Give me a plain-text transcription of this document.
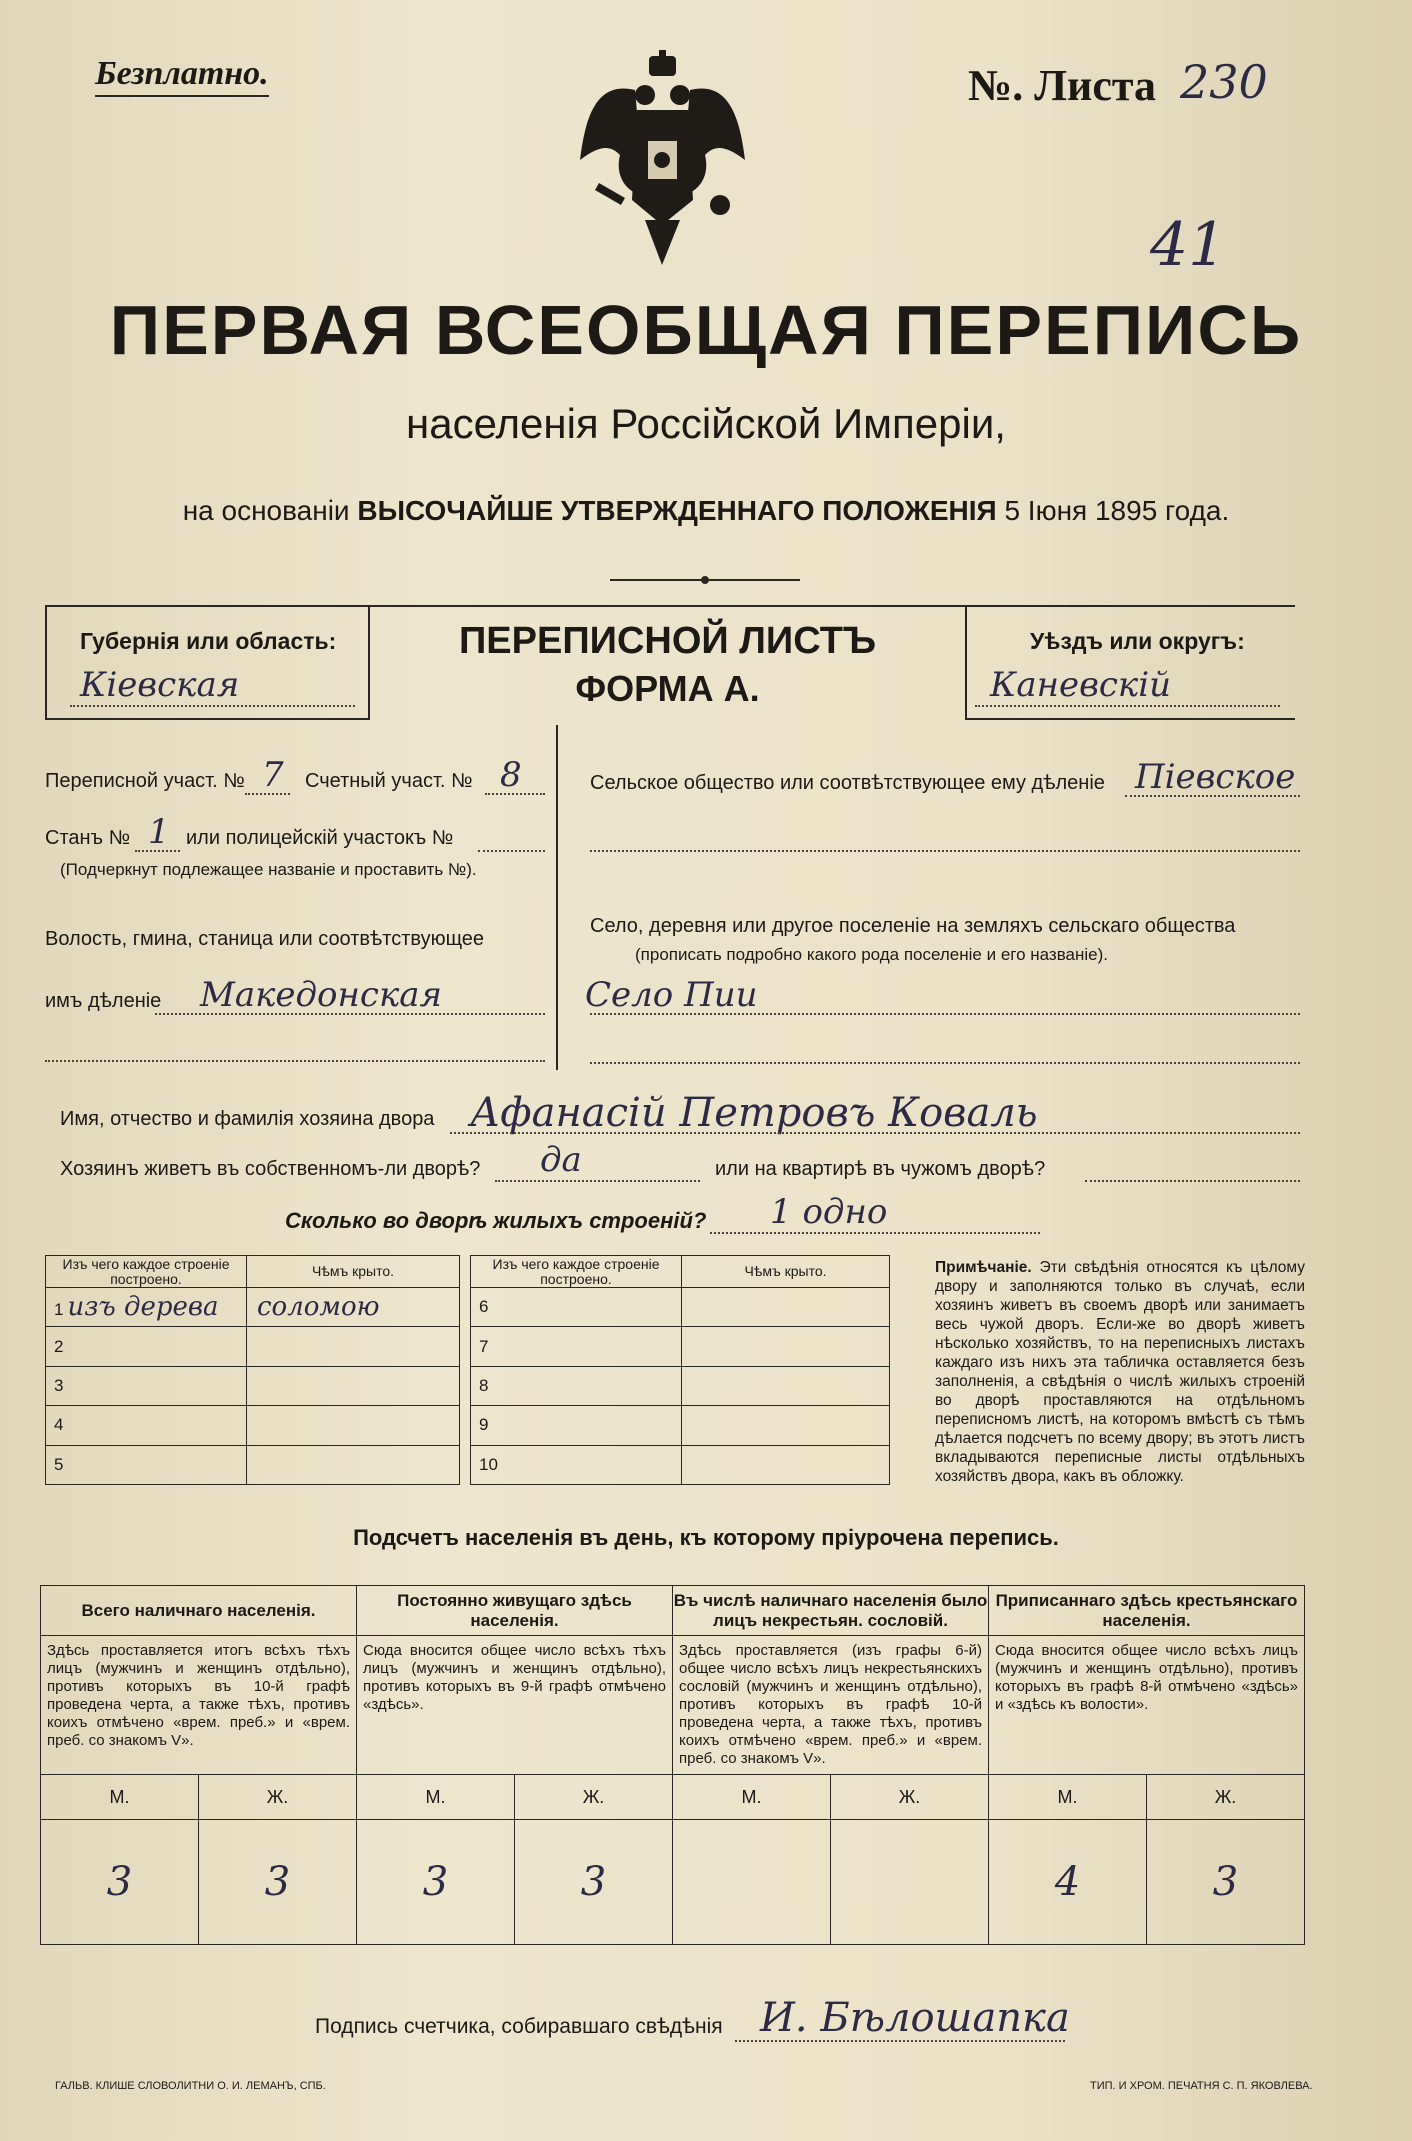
Безплатно.	№. Листа 230
41
ПЕРВАЯ ВСЕОБЩАЯ ПЕРЕПИСЬ
населенія Россійской Имперіи,
на основаніи ВЫСОЧАЙШЕ УТВЕРЖДЕННАГО ПОЛОЖЕНІЯ 5 Іюня 1895 года.
Губернія или область:
Кіевская
ПЕРЕПИСНОЙ ЛИСТЪ
ФОРМА А.
Уѣздъ или округъ:
Каневскій
Переписной участ. № 7 Счетный участ. № 8
Станъ № 1 или полицейскій участокъ №
(Подчеркнут подлежащее названіе и проставить №).
Волость, гмина, станица или соотвѣтствующее
имъ дѣленіе Македонская
Сельское общество или соотвѣтствующее ему дѣленіе Піевское
Село, деревня или другое поселеніе на земляхъ сельскаго общества
(прописать подробно какого рода поселеніе и его названіе).
Село Пии
Имя, отчество и фамилія хозяина двора Афанасій Петровъ Коваль
Хозяинъ живетъ въ собственномъ-ли дворѣ? да	или на квартирѣ въ чужомъ дворѣ?
Сколько во дворѣ жилыхъ строеній? 1 одно
Изъ чего каждое строеніе построено.	Чѣмъ крыто.
1 изъ дерева	соломою
2	
3	
4	
5	
Изъ чего каждое строеніе построено.	Чѣмъ крыто.
6	
7	
8	
9	
10	
Примѣчаніе. Эти свѣдѣнія относятся къ цѣлому двору и заполняются только въ случаѣ, если хозяинъ живетъ въ своемъ дворѣ или занимаетъ весь чужой дворъ. Если-же во дворѣ живетъ нѣсколько хозяйствъ, то на переписныхъ листахъ каждаго изъ нихъ эта табличка оставляется безъ заполненія, а свѣдѣнія о числѣ жилыхъ строеній во дворѣ проставляются на отдѣльномъ переписномъ листѣ, на которомъ вмѣстѣ съ тѣмъ дѣлается подсчетъ по всему двору; въ этотъ листъ вкладываются переписные листы отдѣльныхъ хозяйствъ двора, какъ въ обложку.
Подсчетъ населенія въ день, къ которому пріурочена перепись.
Всего наличнаго населенія.		Постоянно живущаго здѣсь населенія.		Въ числѣ наличнаго населенія было лицъ некрестьян. сословій.		Приписаннаго здѣсь крестьянскаго населенія.	
Здѣсь проставляется итогъ всѣхъ тѣхъ лицъ (мужчинъ и женщинъ отдѣльно), противъ которыхъ въ 10-й графѣ проведена черта, а также тѣхъ, противъ коихъ отмѣчено «врем. преб.» и «врем. преб. со знакомъ V».		Сюда вносится общее число всѣхъ тѣхъ лицъ (мужчинъ и женщинъ отдѣльно), противъ которыхъ въ 9-й графѣ отмѣчено «здѣсь».		Здѣсь проставляется (изъ графы 6-й) общее число всѣхъ лицъ некрестьянскихъ сословій (мужчинъ и женщинъ отдѣльно), противъ которыхъ въ графѣ 10-й проведена черта, а также тѣхъ, противъ коихъ отмѣчено «врем. преб.» и «врем. преб. со знакомъ V».		Сюда вносится общее число всѣхъ лицъ (мужчинъ и женщинъ отдѣльно), противъ которыхъ въ графѣ 8-й отмѣчено «здѣсь» и «здѣсь къ волости».	
М.	Ж.	М.	Ж.	М.	Ж.	М.	Ж.
3	3	3	3			4	3
Подпись счетчика, собиравшаго свѣдѣнія И. Бѣлошапка
ГАЛЬВ. КЛИШЕ СЛОВОЛИТНИ О. И. ЛЕМАНЪ, СПБ.	ТИП. И ХРОМ. ПЕЧАТНЯ С. П. ЯКОВЛЕВА.
